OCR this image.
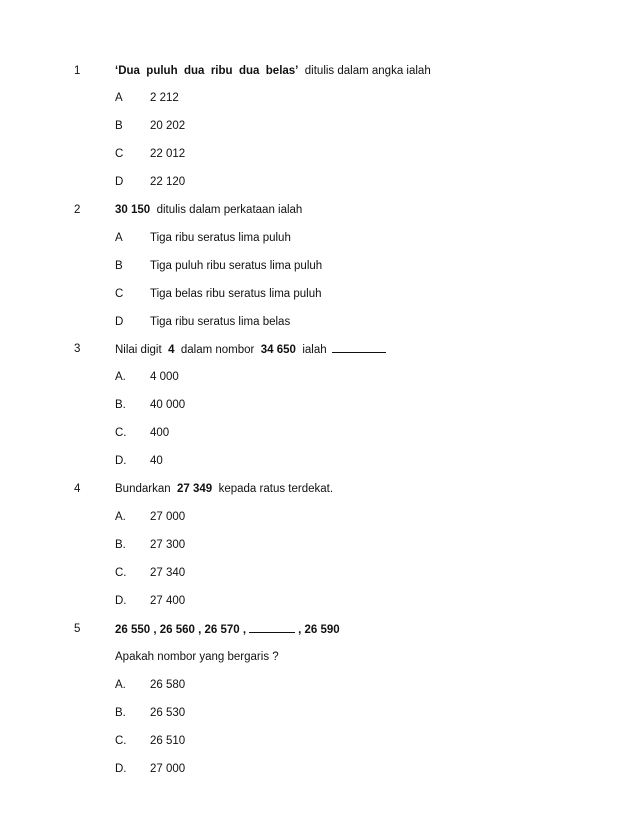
1	‘Dua  puluh  dua  ribu  dua  belas’  ditulis dalam angka ialah
A 2 212
B 20 202
C 22 012
D 22 120
2	30 150  ditulis dalam perkataan ialah
A Tiga ribu seratus lima puluh
B Tiga puluh ribu seratus lima puluh
C Tiga belas ribu seratus lima puluh
D Tiga ribu seratus lima belas
3	Nilai digit  4  dalam nombor  34 650  ialah
A. 4 000
B. 40 000
C. 400
D. 40
4	Bundarkan  27 349  kepada ratus terdekat.
A. 27 000
B. 27 300
C. 27 340
D. 27 400
5	26 550 , 26 560 , 26 570 ,	, 26 590
Apakah nombor yang bergaris ?
A. 26 580
B. 26 530
C. 26 510
D. 27 000
